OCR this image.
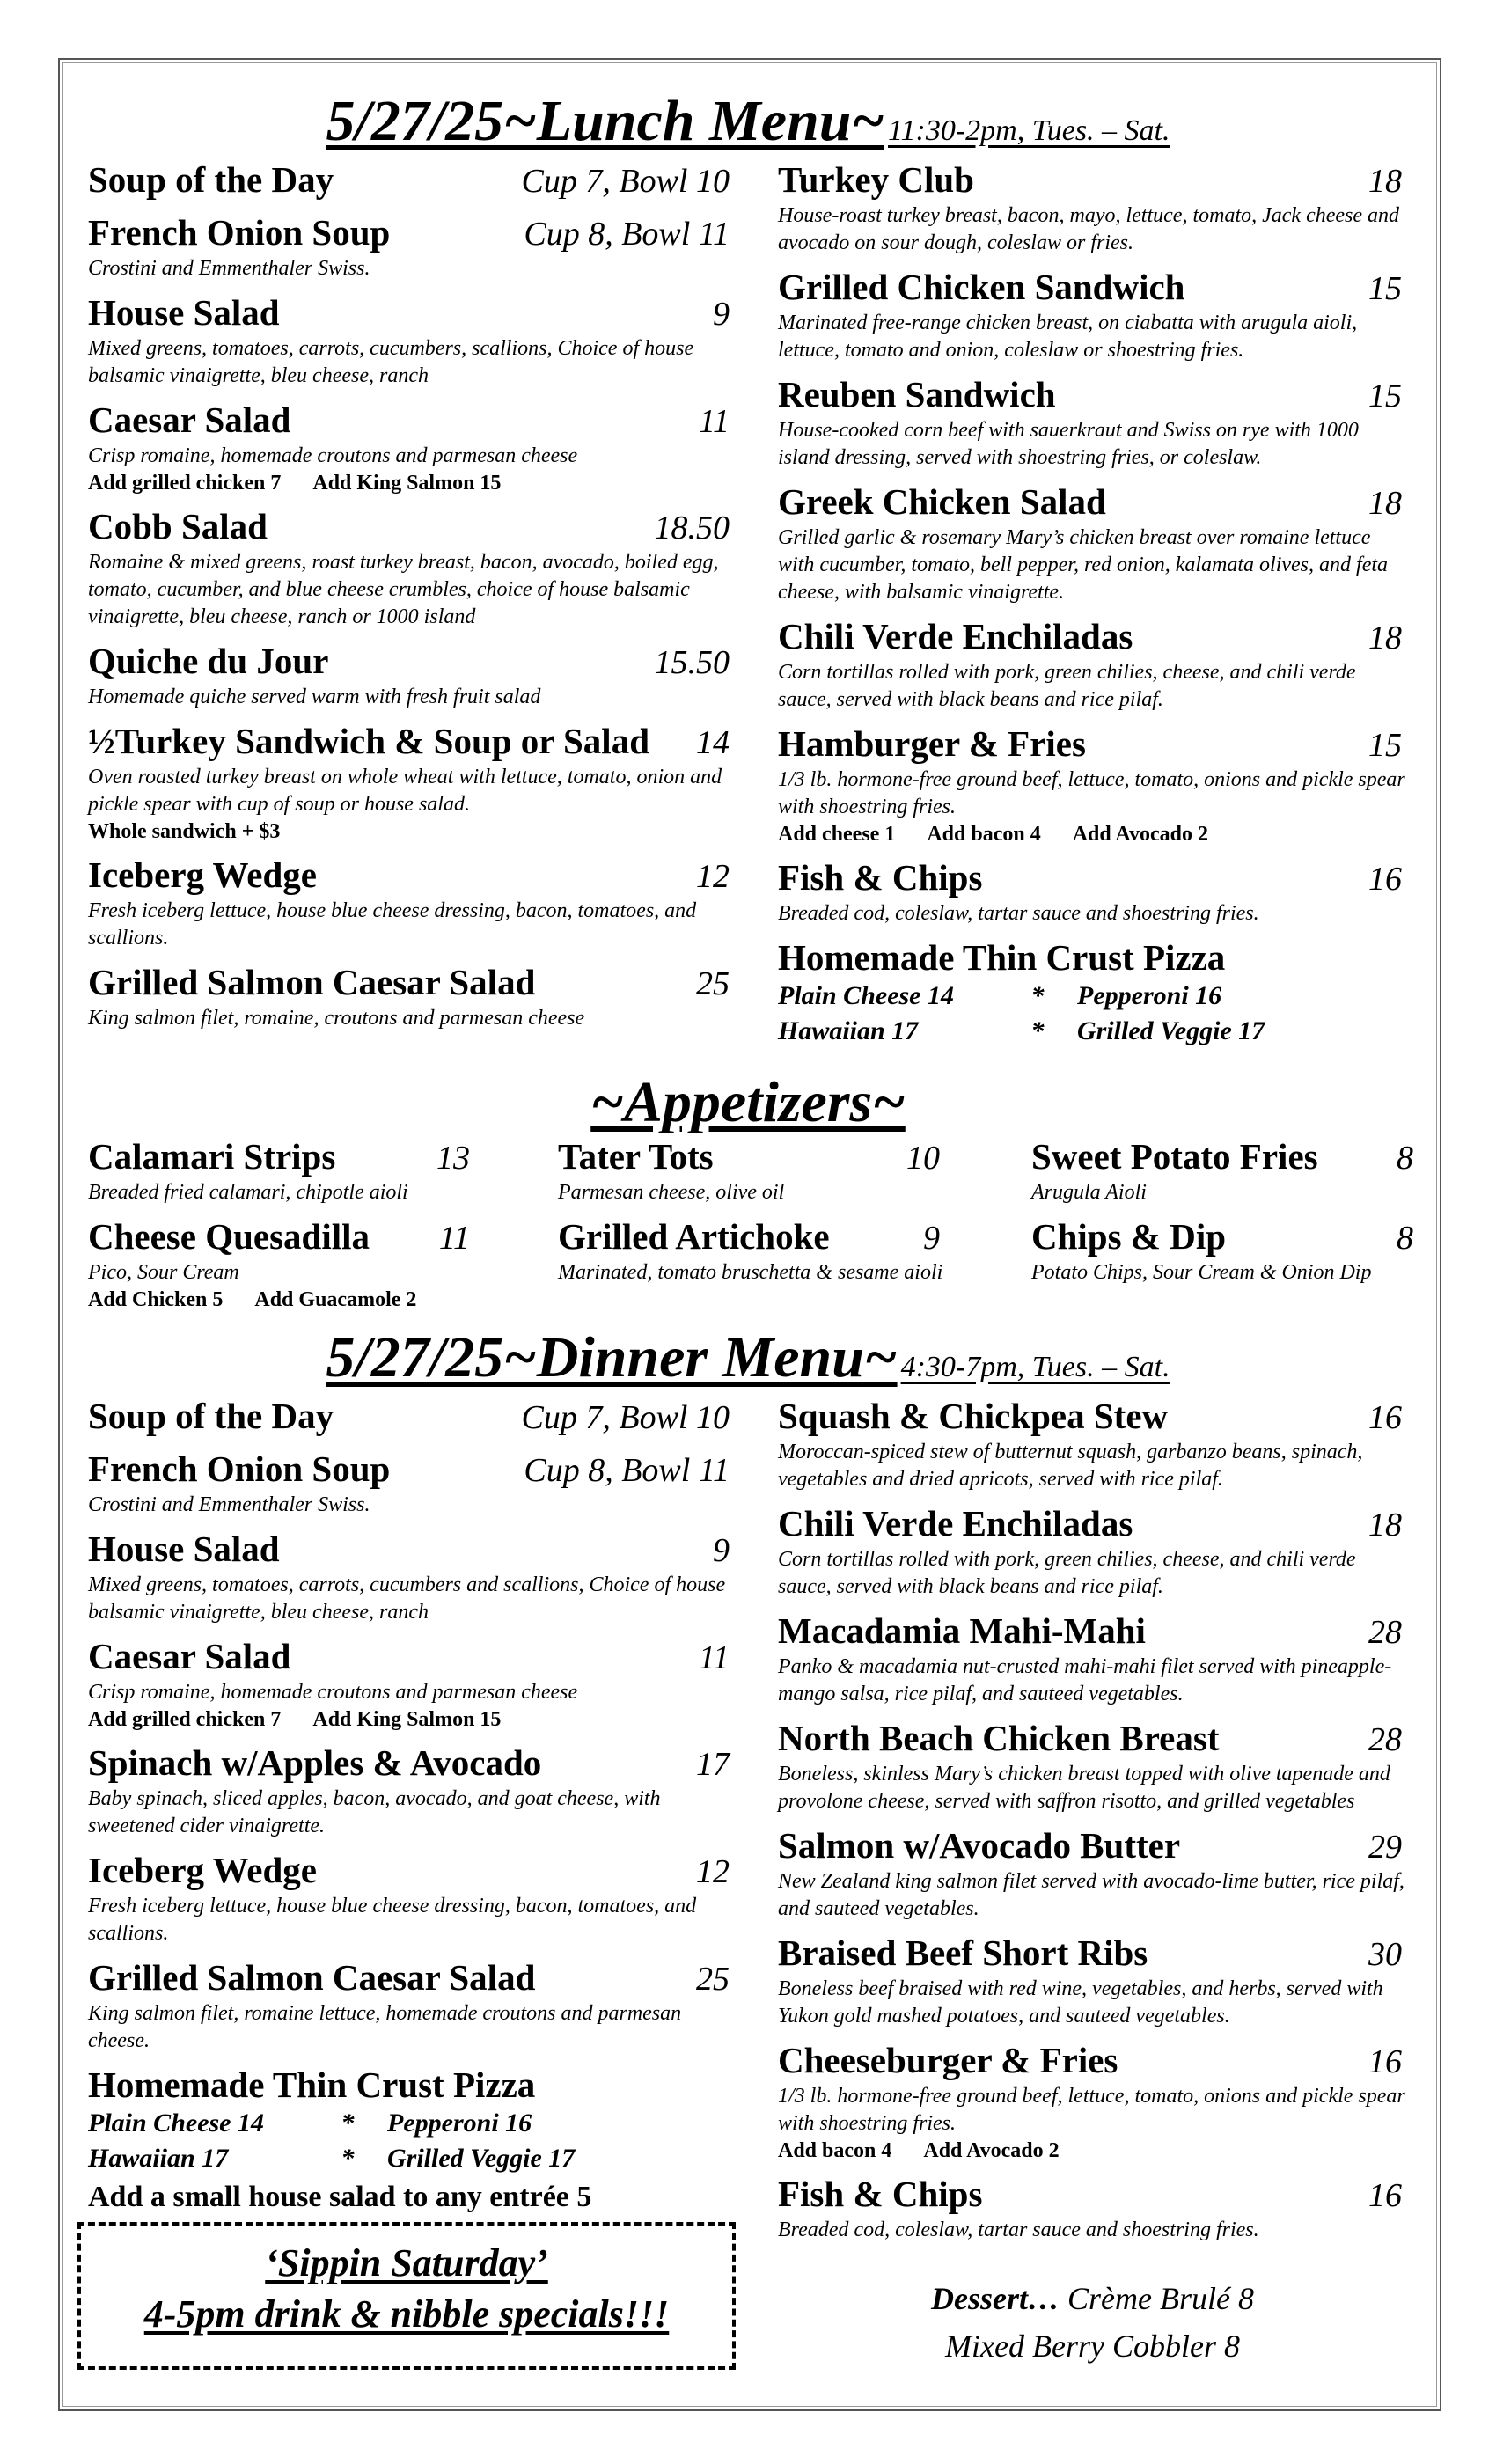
5/27/25~Lunch Menu~ 11:30-2pm, Tues. – Sat.
Soup of the Day	Cup 7, Bowl 10
French Onion Soup	Cup 8, Bowl 11
Crostini and Emmenthaler Swiss.
House Salad	9
Mixed greens, tomatoes, carrots, cucumbers, scallions, Choice of house balsamic vinaigrette, bleu cheese, ranch
Caesar Salad	11
Crisp romaine, homemade croutons and parmesan cheese
Add grilled chicken 7 Add King Salmon 15
Cobb Salad	18.50
Romaine & mixed greens, roast turkey breast, bacon, avocado, boiled egg, tomato, cucumber, and blue cheese crumbles, choice of house balsamic vinaigrette, bleu cheese, ranch or 1000 island
Quiche du Jour	15.50
Homemade quiche served warm with fresh fruit salad
½Turkey Sandwich & Soup or Salad 14
Oven roasted turkey breast on whole wheat with lettuce, tomato, onion and pickle spear with cup of soup or house salad.
Whole sandwich + $3
Iceberg Wedge	12
Fresh iceberg lettuce, house blue cheese dressing, bacon, tomatoes, and scallions.
Grilled Salmon Caesar Salad	25
King salmon filet, romaine, croutons and parmesan cheese
Turkey Club	18
House-roast turkey breast, bacon, mayo, lettuce, tomato, Jack cheese and avocado on sour dough, coleslaw or fries.
Grilled Chicken Sandwich	15
Marinated free-range chicken breast, on ciabatta with arugula aioli, lettuce, tomato and onion, coleslaw or shoestring fries.
Reuben Sandwich	15
House-cooked corn beef with sauerkraut and Swiss on rye with 1000 island dressing, served with shoestring fries, or coleslaw.
Greek Chicken Salad	18
Grilled garlic & rosemary Mary’s chicken breast over romaine lettuce with cucumber, tomato, bell pepper, red onion, kalamata olives, and feta cheese, with balsamic vinaigrette.
Chili Verde Enchiladas	18
Corn tortillas rolled with pork, green chilies, cheese, and chili verde sauce, served with black beans and rice pilaf.
Hamburger & Fries	15
1/3 lb. hormone-free ground beef, lettuce, tomato, onions and pickle spear with shoestring fries.
Add cheese 1 Add bacon 4 Add Avocado 2
Fish & Chips	16
Breaded cod, coleslaw, tartar sauce and shoestring fries.
Homemade Thin Crust Pizza
Plain Cheese 14	* Pepperoni 16
Hawaiian 17	* Grilled Veggie 17
~Appetizers~
Calamari Strips	13
Breaded fried calamari, chipotle aioli
Cheese Quesadilla 11
Pico, Sour Cream
Add Chicken 5 Add Guacamole 2
Tater Tots	10
Parmesan cheese, olive oil
Grilled Artichoke	9
Marinated, tomato bruschetta & sesame aioli
Sweet Potato Fries 8
Arugula Aioli
Chips & Dip	8
Potato Chips, Sour Cream & Onion Dip
5/27/25~Dinner Menu~ 4:30-7pm, Tues. – Sat.
Soup of the Day	Cup 7, Bowl 10
French Onion Soup	Cup 8, Bowl 11
Crostini and Emmenthaler Swiss.
House Salad	9
Mixed greens, tomatoes, carrots, cucumbers and scallions, Choice of house balsamic vinaigrette, bleu cheese, ranch
Caesar Salad	11
Crisp romaine, homemade croutons and parmesan cheese
Add grilled chicken 7 Add King Salmon 15
Spinach w/Apples & Avocado	17
Baby spinach, sliced apples, bacon, avocado, and goat cheese, with sweetened cider vinaigrette.
Iceberg Wedge	12
Fresh iceberg lettuce, house blue cheese dressing, bacon, tomatoes, and scallions.
Grilled Salmon Caesar Salad	25
King salmon filet, romaine lettuce, homemade croutons and parmesan cheese.
Homemade Thin Crust Pizza
Plain Cheese 14	* Pepperoni 16
Hawaiian 17	* Grilled Veggie 17
Add a small house salad to any entrée 5
Squash & Chickpea Stew	16
Moroccan-spiced stew of butternut squash, garbanzo beans, spinach, vegetables and dried apricots, served with rice pilaf.
Chili Verde Enchiladas	18
Corn tortillas rolled with pork, green chilies, cheese, and chili verde sauce, served with black beans and rice pilaf.
Macadamia Mahi-Mahi	28
Panko & macadamia nut-crusted mahi-mahi filet served with pineapple-mango salsa, rice pilaf, and sauteed vegetables.
North Beach Chicken Breast	28
Boneless, skinless Mary’s chicken breast topped with olive tapenade and provolone cheese, served with saffron risotto, and grilled vegetables
Salmon w/Avocado Butter	29
New Zealand king salmon filet served with avocado-lime butter, rice pilaf, and sauteed vegetables.
Braised Beef Short Ribs	30
Boneless beef braised with red wine, vegetables, and herbs, served with Yukon gold mashed potatoes, and sauteed vegetables.
Cheeseburger & Fries	16
1/3 lb. hormone-free ground beef, lettuce, tomato, onions and pickle spear with shoestring fries.
Add bacon 4 Add Avocado 2
Fish & Chips	16
Breaded cod, coleslaw, tartar sauce and shoestring fries.
‘Sippin Saturday’
4-5pm drink & nibble specials!!!	Dessert… Crème Brulé 8
Mixed Berry Cobbler 8
